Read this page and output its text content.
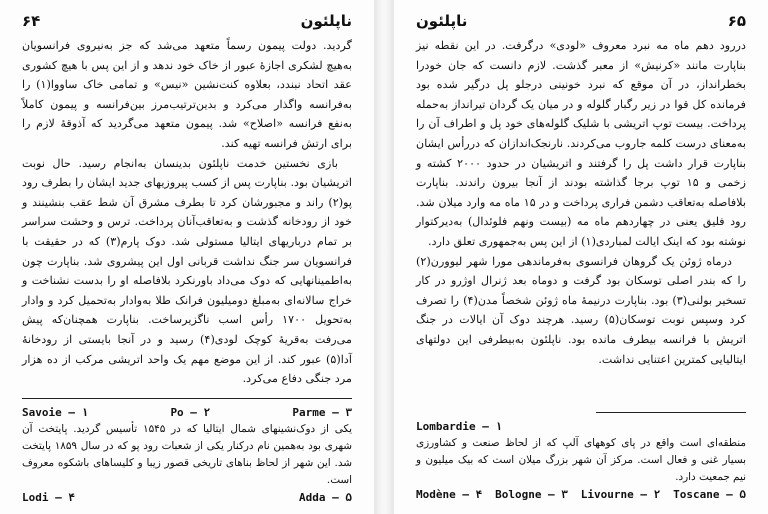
۶۴	ناپلئون

گردید. دولت پیمون رسماً متعهد می‌شد که جز به‌نیروی فرانسویان به‌هیچ لشکری اجازهٔ عبور از خاک خود ندهد و از این پس با هیچ کشوری عقد اتحاد نبندد، بعلاوه کنت‌نشین «نیس» و تمامی خاک ساووا(۱) را به‌فرانسه واگذار می‌کرد و بدین‌ترتیب‌مرز بین‌فرانسه و پیمون کاملاً به‌نفع فرانسه «اصلاح» شد. پیمون متعهد می‌گردید که آذوقهٔ لازم را برای ارتش فرانسه تهیه کند.

بازی نخستین خدمت ناپلئون بدینسان به‌انجام رسید. حال نوبت اتریشیان بود. بناپارت پس از کسب پیروزیهای جدید ایشان را بطرف رود پو(۲) راند و مجبورشان کرد تا بطرف مشرق آن شط عقب بنشینند و خود از رودخانه گذشت و به‌تعاقب‌آنان پرداخت. ترس و وحشت سراسر بر تمام درباریهای ایتالیا مستولی شد. دوک پارم(۳) که در حقیقت با فرانسویان سر جنگ نداشت قربانی اول این پیشروی شد. بناپارت چون به‌اطمینانهایی که دوک می‌داد باورنکرد بلافاصله او را بدست نشناخت و خراج سالانه‌ای به‌مبلغ دومیلیون فرانک طلا به‌وادار به‌تحمیل کرد و وادار به‌تحویل ۱۷۰۰ رأس اسب ناگزیرساخت. بناپارت همچنان‌که پیش می‌رفت به‌قریهٔ کوچک لودی(۴) رسید و در آنجا بایستی از رودخانهٔ آدا(۵) عبور کند. از این موضع مهم یک واحد اتریشی مرکب از ده هزار مرد جنگی دفاع می‌کرد.

Savoie – ۱	Po – ۲	Parme – ۳

یکی از دوک‌نشینهای شمال ایتالیا که در ۱۵۴۵ تأسیس گردید. پایتخت آن شهری بود به‌همین نام درکنار یکی از شعبات رود پو که در سال ۱۸۵۹ پایتخت شد. این شهر از لحاظ بناهای تاریخی قصور زیبا و کلیساهای باشکوه معروف است.

Lodi – ۴	Adda – ۵
ناپلئون	۶۵

دررود دهم ماه مه نبرد معروف «لودی» درگرفت. در این نقطه نیز بناپارت مانند «کرنیش» از معبر گذشت. لازم دانست که جان خودرا بخطرانداز، در آن موقع که نبرد خونینی درجلو پل درگیر شده بود فرمانده کل قوا در زیر رگبار گلوله و در میان یک گردان تیرانداز به‌حمله پرداخت. بیست توپ اتریشی با شلیک گلوله‌های خود پل و اطراف آن را به‌معنای درست کلمه جاروب می‌کردند. نارنجک‌اندازان که دررأس ایشان بناپارت قرار داشت پل را گرفتند و اتریشیان در حدود ۲۰۰۰ کشته و زخمی و ۱۵ توپ برجا گذاشته بودند از آنجا بیرون راندند. بناپارت بلافاصله به‌تعاقب دشمن فراری پرداخت و در ۱۵ ماه مه وارد میلان شد. رود فلیق یعنی در چهاردهم ماه مه (بیست ونهم فلوئدال) به‌دیرکتوار نوشته بود که اینک ایالت لمباردی(۱) از این پس به‌جمهوری تعلق دارد.

درماه ژوئن یک گروهان فرانسوی به‌فرماندهی مورا شهر لیوورن(۲) را که بندر اصلی توسکان بود گرفت و دوماه بعد ژنرال اوژرو در کار تسخیر بولنی(۳) بود. بناپارت درنیمهٔ ماه ژوئن شخصاً مدن(۴) را تصرف کرد وسپس نوبت توسکان(۵) رسید. هرچند دوک آن ایالات در جنگ اتریش با فرانسه بیطرف مانده بود. ناپلئون به‌بیطرفی این دولتهای ایتالیایی کمترین اعتنایی نداشت.

Lombardie – ۱

منطقه‌ای است واقع در پای کوههای آلپ که از لحاظ صنعت و کشاورزی بسیار غنی و فعال است. مرکز آن شهر بزرگ میلان است که بیک میلیون و نیم جمعیت دارد.

Modène – ۴ Bologne – ۳ Livourne – ۲ Toscane – ۵
